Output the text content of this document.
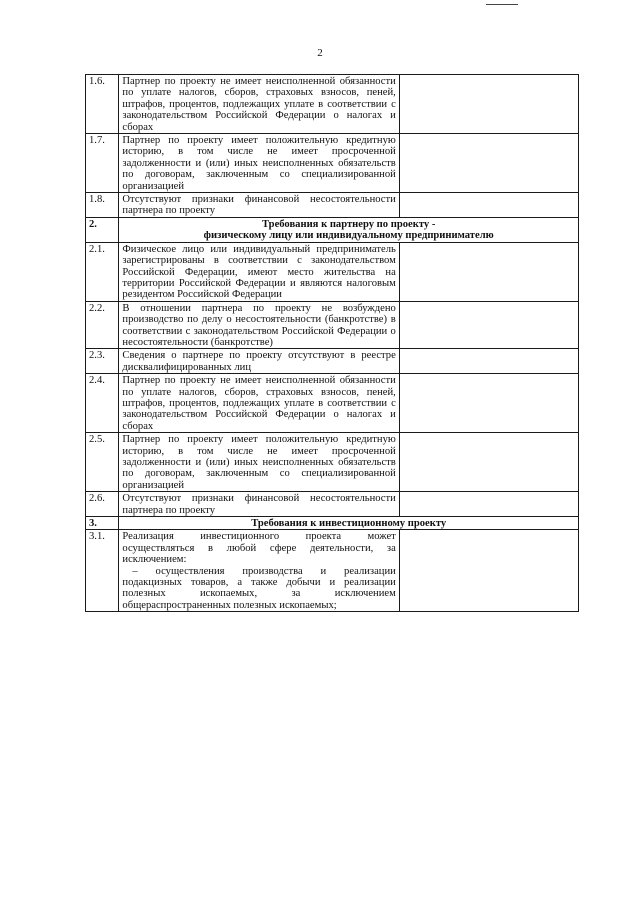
2
1.6.	Партнер по проекту не имеет неисполненной обязанности по уплате налогов, сборов, страховых взносов, пеней, штрафов, процентов, подлежащих уплате в соответствии с законодательством Российской Федерации о налогах и сборах	

1.7.	Партнер по проекту имеет положительную кредитную историю, в том числе не имеет просроченной задолженности и (или) иных неисполненных обязательств по договорам, заключенным со специализированной организацией	

1.8.	Отсутствуют признаки финансовой несостоятельности партнера по проекту	

2.	Требования к партнеру по проекту -
физическому лицу или индивидуальному предпринимателю	

2.1.	Физическое лицо или индивидуальный предприниматель зарегистрированы в соответствии с законодательством Российской Федерации, имеют место жительства на территории Российской Федерации и являются налоговым резидентом Российской Федерации	

2.2.	В отношении партнера по проекту не возбуждено производство по делу о несостоятельности (банкротстве) в соответствии с законодательством Российской Федерации о несостоятельности (банкротстве)	

2.3.	Сведения о партнере по проекту отсутствуют в реестре дисквалифицированных лиц	

2.4.	Партнер по проекту не имеет неисполненной обязанности по уплате налогов, сборов, страховых взносов, пеней, штрафов, процентов, подлежащих уплате в соответствии с законодательством Российской Федерации о налогах и сборах	

2.5.	Партнер по проекту имеет положительную кредитную историю, в том числе не имеет просроченной задолженности и (или) иных неисполненных обязательств по договорам, заключенным со специализированной организацией	

2.6.	Отсутствуют признаки финансовой несостоятельности партнера по проекту	

3.	Требования к инвестиционному проекту	

3.1.	Реализация инвестиционного проекта может осуществляться в любой сфере деятельности, за исключением:
– осуществления производства и реализации подакцизных товаров, а также добычи и реализации полезных ископаемых, за исключением общераспространенных полезных ископаемых;	
